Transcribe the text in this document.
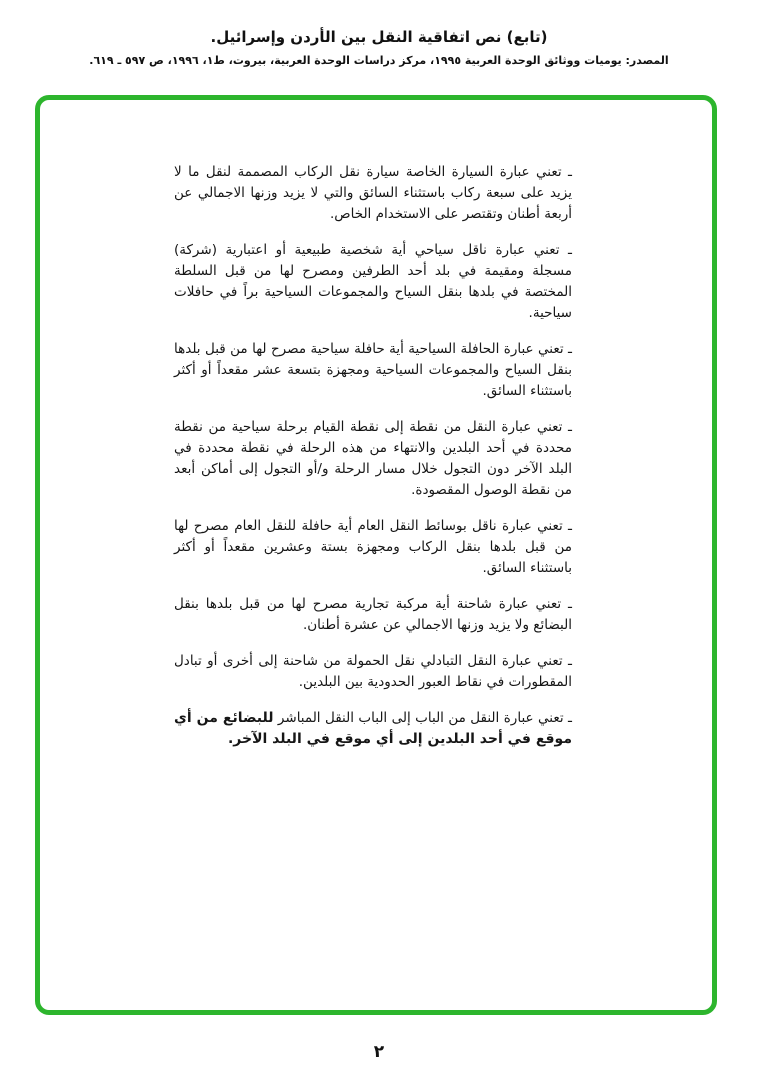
(تابع) نص اتفاقية النقل بين الأردن وإسرائيل.
المصدر: يوميات ووثائق الوحدة العربية ١٩٩٥، مركز دراسات الوحدة العربية، بيروت، ط١، ١٩٩٦، ص ٥٩٧ ـ ٦١٩.

ـ تعني عبارة السيارة الخاصة سيارة نقل الركاب المصممة لنقل ما لا يزيد على سبعة ركاب باستثناء السائق والتي لا يزيد وزنها الاجمالي عن أربعة أطنان وتقتصر على الاستخدام الخاص.

ـ تعني عبارة ناقل سياحي أية شخصية طبيعية أو اعتبارية (شركة) مسجلة ومقيمة في بلد أحد الطرفين ومصرح لها من قبل السلطة المختصة في بلدها بنقل السياح والمجموعات السياحية براً في حافلات سياحية.

ـ تعني عبارة الحافلة السياحية أية حافلة سياحية مصرح لها من قبل بلدها بنقل السياح والمجموعات السياحية ومجهزة بتسعة عشر مقعداً أو أكثر باستثناء السائق.

ـ تعني عبارة النقل من نقطة إلى نقطة القيام برحلة سياحية من نقطة محددة في أحد البلدين والانتهاء من هذه الرحلة في نقطة محددة في البلد الآخر دون التجول خلال مسار الرحلة و/أو التجول إلى أماكن أبعد من نقطة الوصول المقصودة.

ـ تعني عبارة ناقل بوسائط النقل العام أية حافلة للنقل العام مصرح لها من قبل بلدها بنقل الركاب ومجهزة بستة وعشرين مقعداً أو أكثر باستثناء السائق.

ـ تعني عبارة شاحنة أية مركبة تجارية مصرح لها من قبل بلدها بنقل البضائع ولا يزيد وزنها الاجمالي عن عشرة أطنان.

ـ تعني عبارة النقل التبادلي نقل الحمولة من شاحنة إلى أخرى أو تبادل المقطورات في نقاط العبور الحدودية بين البلدين.

ـ تعني عبارة النقل من الباب إلى الباب النقل المباشر للبضائع من أي موقع في أحد البلدين إلى أي موقع في البلد الآخر.

٢
